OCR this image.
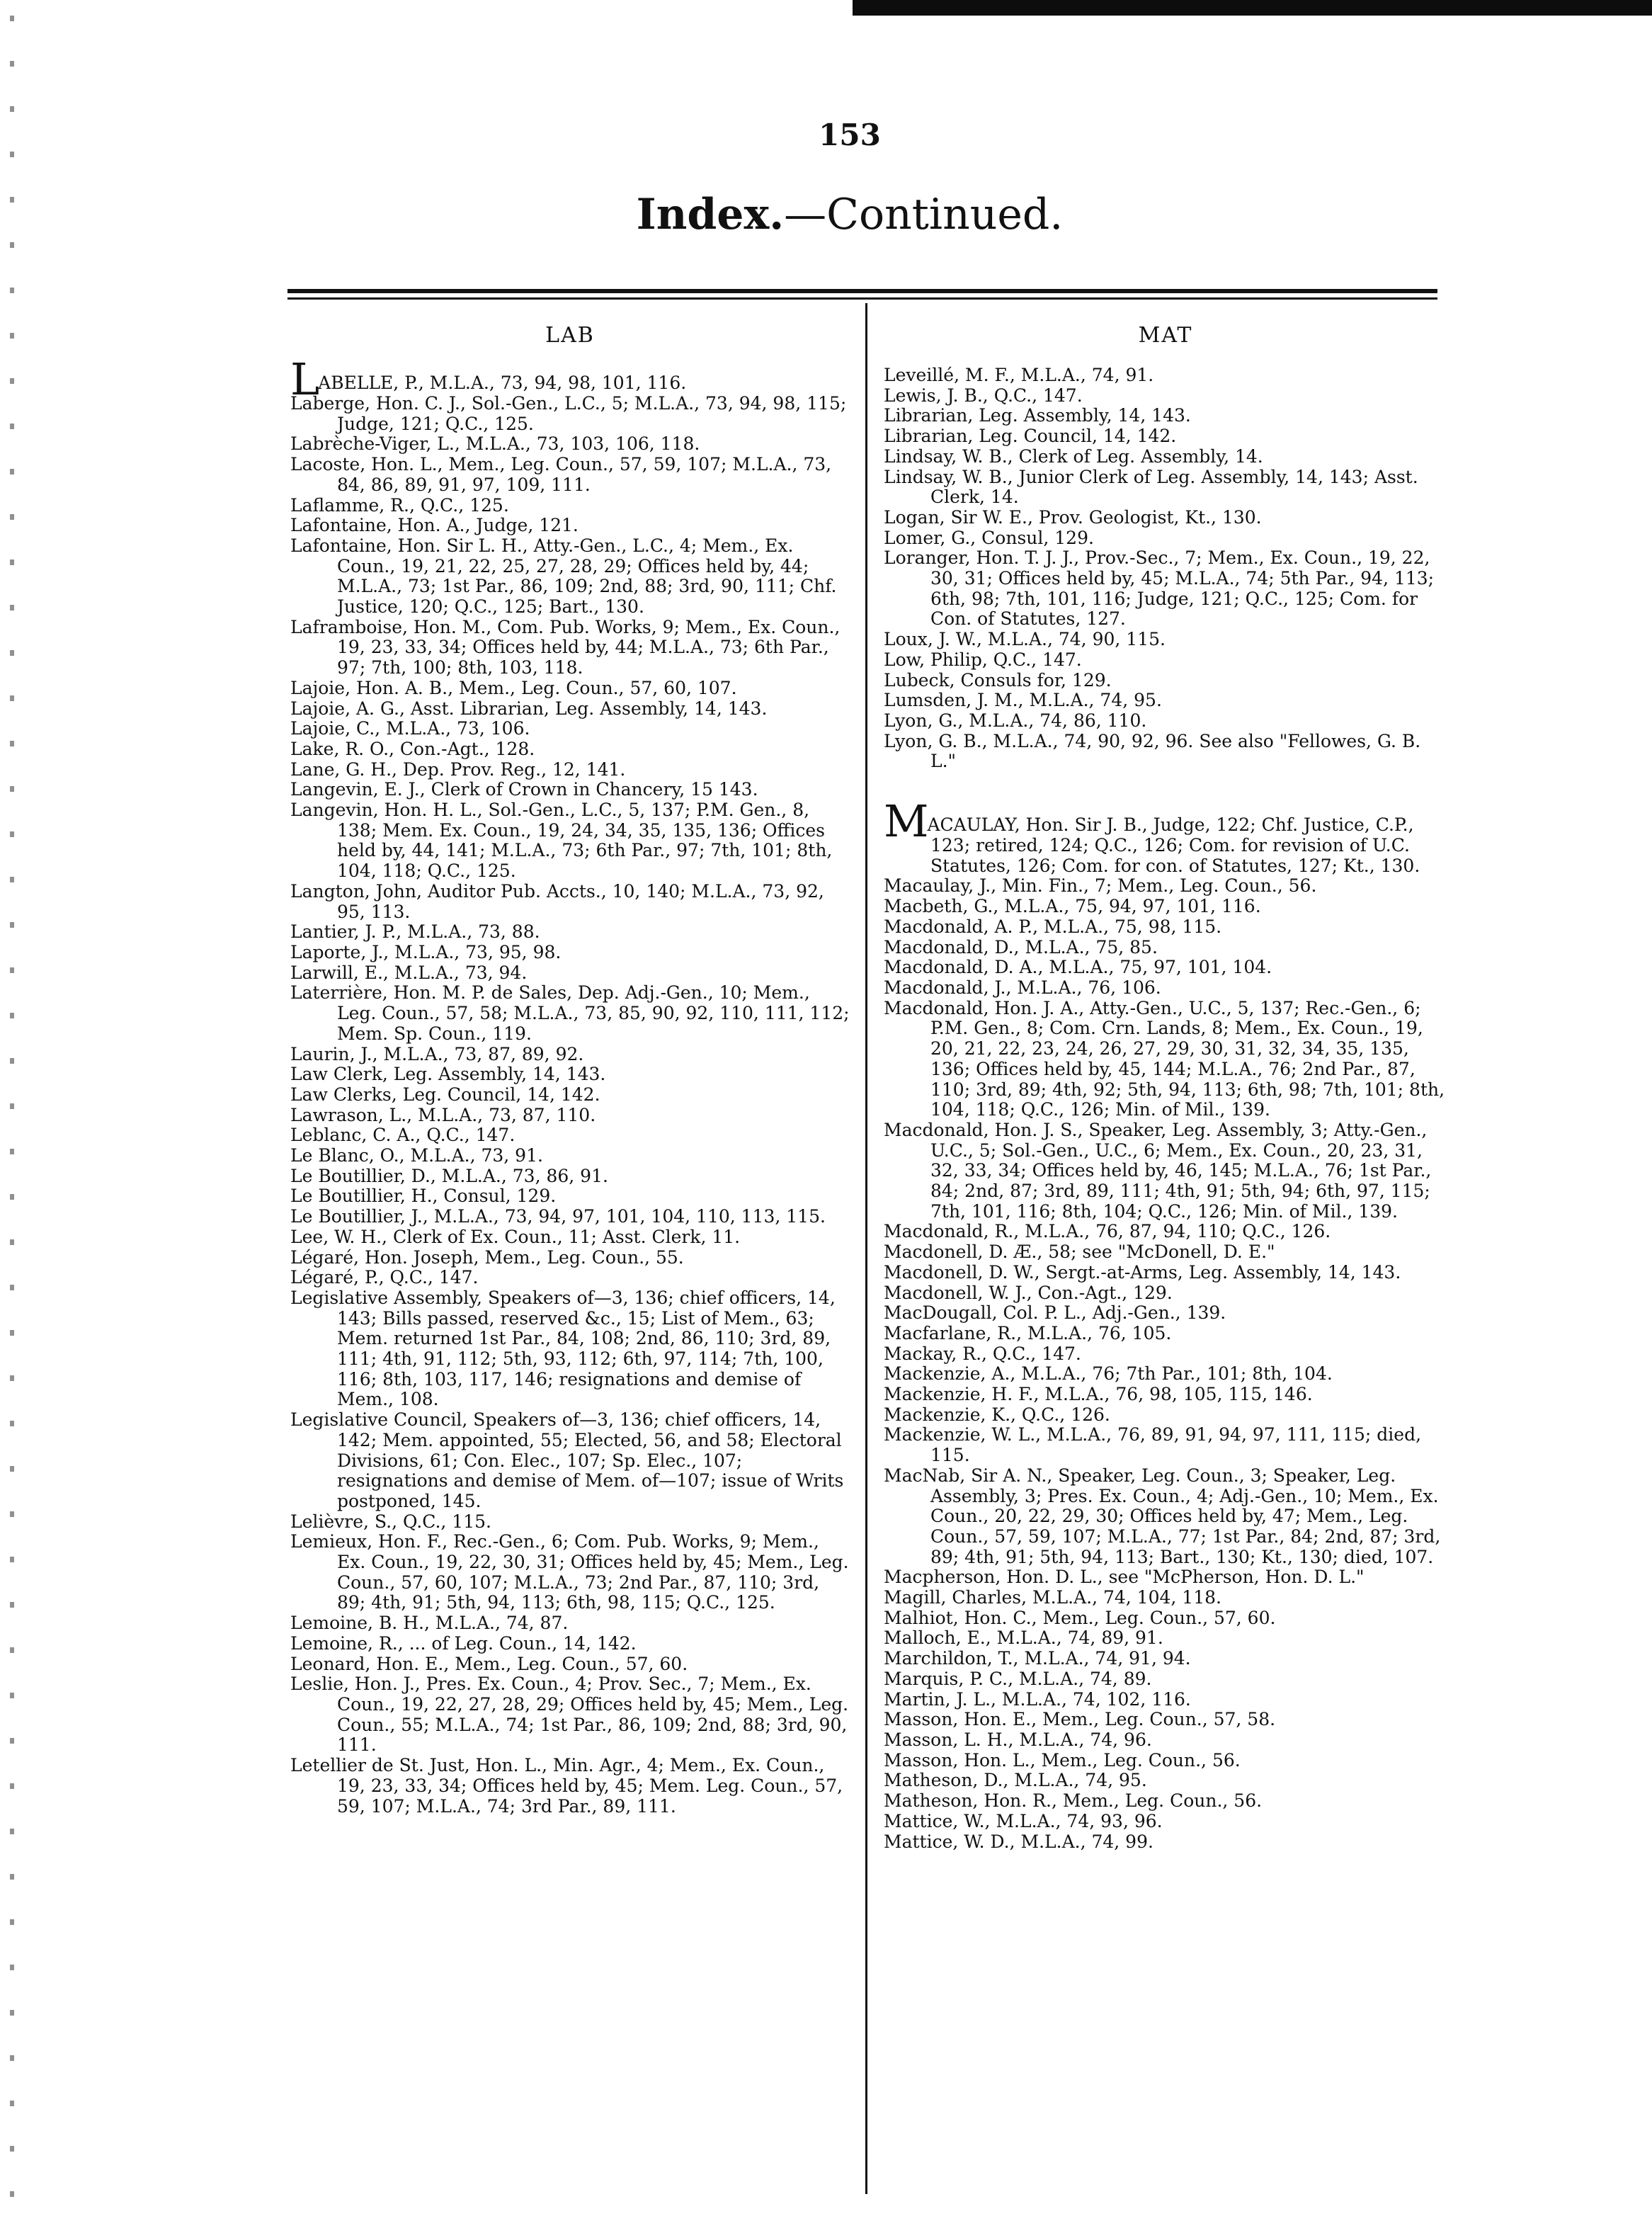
153
Index.—Continued.
LAB

LABELLE, P., M.L.A., 73, 94, 98, 101, 116.

Laberge, Hon. C. J., Sol.-Gen., L.C., 5; M.L.A., 73, 94, 98, 115; Judge, 121; Q.C., 125.

Labrèche-Viger, L., M.L.A., 73, 103, 106, 118.

Lacoste, Hon. L., Mem., Leg. Coun., 57, 59, 107; M.L.A., 73, 84, 86, 89, 91, 97, 109, 111.

Laflamme, R., Q.C., 125.

Lafontaine, Hon. A., Judge, 121.

Lafontaine, Hon. Sir L. H., Atty.-Gen., L.C., 4; Mem., Ex. Coun., 19, 21, 22, 25, 27, 28, 29; Offices held by, 44; M.L.A., 73; 1st Par., 86, 109; 2nd, 88; 3rd, 90, 111; Chf. Justice, 120; Q.C., 125; Bart., 130.

Laframboise, Hon. M., Com. Pub. Works, 9; Mem., Ex. Coun., 19, 23, 33, 34; Offices held by, 44; M.L.A., 73; 6th Par., 97; 7th, 100; 8th, 103, 118.

Lajoie, Hon. A. B., Mem., Leg. Coun., 57, 60, 107.

Lajoie, A. G., Asst. Librarian, Leg. Assembly, 14, 143.

Lajoie, C., M.L.A., 73, 106.

Lake, R. O., Con.-Agt., 128.

Lane, G. H., Dep. Prov. Reg., 12, 141.

Langevin, E. J., Clerk of Crown in Chancery, 15 143.

Langevin, Hon. H. L., Sol.-Gen., L.C., 5, 137; P.M. Gen., 8, 138; Mem. Ex. Coun., 19, 24, 34, 35, 135, 136; Offices held by, 44, 141; M.L.A., 73; 6th Par., 97; 7th, 101; 8th, 104, 118; Q.C., 125.

Langton, John, Auditor Pub. Accts., 10, 140; M.L.A., 73, 92, 95, 113.

Lantier, J. P., M.L.A., 73, 88.

Laporte, J., M.L.A., 73, 95, 98.

Larwill, E., M.L.A., 73, 94.

Laterrière, Hon. M. P. de Sales, Dep. Adj.-Gen., 10; Mem., Leg. Coun., 57, 58; M.L.A., 73, 85, 90, 92, 110, 111, 112; Mem. Sp. Coun., 119.

Laurin, J., M.L.A., 73, 87, 89, 92.

Law Clerk, Leg. Assembly, 14, 143.

Law Clerks, Leg. Council, 14, 142.

Lawrason, L., M.L.A., 73, 87, 110.

Leblanc, C. A., Q.C., 147.

Le Blanc, O., M.L.A., 73, 91.

Le Boutillier, D., M.L.A., 73, 86, 91.

Le Boutillier, H., Consul, 129.

Le Boutillier, J., M.L.A., 73, 94, 97, 101, 104, 110, 113, 115.

Lee, W. H., Clerk of Ex. Coun., 11; Asst. Clerk, 11.

Légaré, Hon. Joseph, Mem., Leg. Coun., 55.

Légaré, P., Q.C., 147.

Legislative Assembly, Speakers of—3, 136; chief officers, 14, 143; Bills passed, reserved &c., 15; List of Mem., 63; Mem. returned 1st Par., 84, 108; 2nd, 86, 110; 3rd, 89, 111; 4th, 91, 112; 5th, 93, 112; 6th, 97, 114; 7th, 100, 116; 8th, 103, 117, 146; resignations and demise of Mem., 108.

Legislative Council, Speakers of—3, 136; chief officers, 14, 142; Mem. appointed, 55; Elected, 56, and 58; Electoral Divisions, 61; Con. Elec., 107; Sp. Elec., 107; resignations and demise of Mem. of—107; issue of Writs postponed, 145.

Lelièvre, S., Q.C., 115.

Lemieux, Hon. F., Rec.-Gen., 6; Com. Pub. Works, 9; Mem., Ex. Coun., 19, 22, 30, 31; Offices held by, 45; Mem., Leg. Coun., 57, 60, 107; M.L.A., 73; 2nd Par., 87, 110; 3rd, 89; 4th, 91; 5th, 94, 113; 6th, 98, 115; Q.C., 125.

Lemoine, B. H., M.L.A., 74, 87.

Lemoine, R., ... of Leg. Coun., 14, 142.

Leonard, Hon. E., Mem., Leg. Coun., 57, 60.

Leslie, Hon. J., Pres. Ex. Coun., 4; Prov. Sec., 7; Mem., Ex. Coun., 19, 22, 27, 28, 29; Offices held by, 45; Mem., Leg. Coun., 55; M.L.A., 74; 1st Par., 86, 109; 2nd, 88; 3rd, 90, 111.

Letellier de St. Just, Hon. L., Min. Agr., 4; Mem., Ex. Coun., 19, 23, 33, 34; Offices held by, 45; Mem. Leg. Coun., 57, 59, 107; M.L.A., 74; 3rd Par., 89, 111.

MAT

Leveillé, M. F., M.L.A., 74, 91.

Lewis, J. B., Q.C., 147.

Librarian, Leg. Assembly, 14, 143.

Librarian, Leg. Council, 14, 142.

Lindsay, W. B., Clerk of Leg. Assembly, 14.

Lindsay, W. B., Junior Clerk of Leg. Assembly, 14, 143; Asst. Clerk, 14.

Logan, Sir W. E., Prov. Geologist, Kt., 130.

Lomer, G., Consul, 129.

Loranger, Hon. T. J. J., Prov.-Sec., 7; Mem., Ex. Coun., 19, 22, 30, 31; Offices held by, 45; M.L.A., 74; 5th Par., 94, 113; 6th, 98; 7th, 101, 116; Judge, 121; Q.C., 125; Com. for Con. of Statutes, 127.

Loux, J. W., M.L.A., 74, 90, 115.

Low, Philip, Q.C., 147.

Lubeck, Consuls for, 129.

Lumsden, J. M., M.L.A., 74, 95.

Lyon, G., M.L.A., 74, 86, 110.

Lyon, G. B., M.L.A., 74, 90, 92, 96. See also "Fellowes, G. B. L."

MACAULAY, Hon. Sir J. B., Judge, 122; Chf. Justice, C.P., 123; retired, 124; Q.C., 126; Com. for revision of U.C. Statutes, 126; Com. for con. of Statutes, 127; Kt., 130.

Macaulay, J., Min. Fin., 7; Mem., Leg. Coun., 56.

Macbeth, G., M.L.A., 75, 94, 97, 101, 116.

Macdonald, A. P., M.L.A., 75, 98, 115.

Macdonald, D., M.L.A., 75, 85.

Macdonald, D. A., M.L.A., 75, 97, 101, 104.

Macdonald, J., M.L.A., 76, 106.

Macdonald, Hon. J. A., Atty.-Gen., U.C., 5, 137; Rec.-Gen., 6; P.M. Gen., 8; Com. Crn. Lands, 8; Mem., Ex. Coun., 19, 20, 21, 22, 23, 24, 26, 27, 29, 30, 31, 32, 34, 35, 135, 136; Offices held by, 45, 144; M.L.A., 76; 2nd Par., 87, 110; 3rd, 89; 4th, 92; 5th, 94, 113; 6th, 98; 7th, 101; 8th, 104, 118; Q.C., 126; Min. of Mil., 139.

Macdonald, Hon. J. S., Speaker, Leg. Assembly, 3; Atty.-Gen., U.C., 5; Sol.-Gen., U.C., 6; Mem., Ex. Coun., 20, 23, 31, 32, 33, 34; Offices held by, 46, 145; M.L.A., 76; 1st Par., 84; 2nd, 87; 3rd, 89, 111; 4th, 91; 5th, 94; 6th, 97, 115; 7th, 101, 116; 8th, 104; Q.C., 126; Min. of Mil., 139.

Macdonald, R., M.L.A., 76, 87, 94, 110; Q.C., 126.

Macdonell, D. Æ., 58; see "McDonell, D. E."

Macdonell, D. W., Sergt.-at-Arms, Leg. Assembly, 14, 143.

Macdonell, W. J., Con.-Agt., 129.

MacDougall, Col. P. L., Adj.-Gen., 139.

Macfarlane, R., M.L.A., 76, 105.

Mackay, R., Q.C., 147.

Mackenzie, A., M.L.A., 76; 7th Par., 101; 8th, 104.

Mackenzie, H. F., M.L.A., 76, 98, 105, 115, 146.

Mackenzie, K., Q.C., 126.

Mackenzie, W. L., M.L.A., 76, 89, 91, 94, 97, 111, 115; died, 115.

MacNab, Sir A. N., Speaker, Leg. Coun., 3; Speaker, Leg. Assembly, 3; Pres. Ex. Coun., 4; Adj.-Gen., 10; Mem., Ex. Coun., 20, 22, 29, 30; Offices held by, 47; Mem., Leg. Coun., 57, 59, 107; M.L.A., 77; 1st Par., 84; 2nd, 87; 3rd, 89; 4th, 91; 5th, 94, 113; Bart., 130; Kt., 130; died, 107.

Macpherson, Hon. D. L., see "McPherson, Hon. D. L."

Magill, Charles, M.L.A., 74, 104, 118.

Malhiot, Hon. C., Mem., Leg. Coun., 57, 60.

Malloch, E., M.L.A., 74, 89, 91.

Marchildon, T., M.L.A., 74, 91, 94.

Marquis, P. C., M.L.A., 74, 89.

Martin, J. L., M.L.A., 74, 102, 116.

Masson, Hon. E., Mem., Leg. Coun., 57, 58.

Masson, L. H., M.L.A., 74, 96.

Masson, Hon. L., Mem., Leg. Coun., 56.

Matheson, D., M.L.A., 74, 95.

Matheson, Hon. R., Mem., Leg. Coun., 56.

Mattice, W., M.L.A., 74, 93, 96.

Mattice, W. D., M.L.A., 74, 99.
